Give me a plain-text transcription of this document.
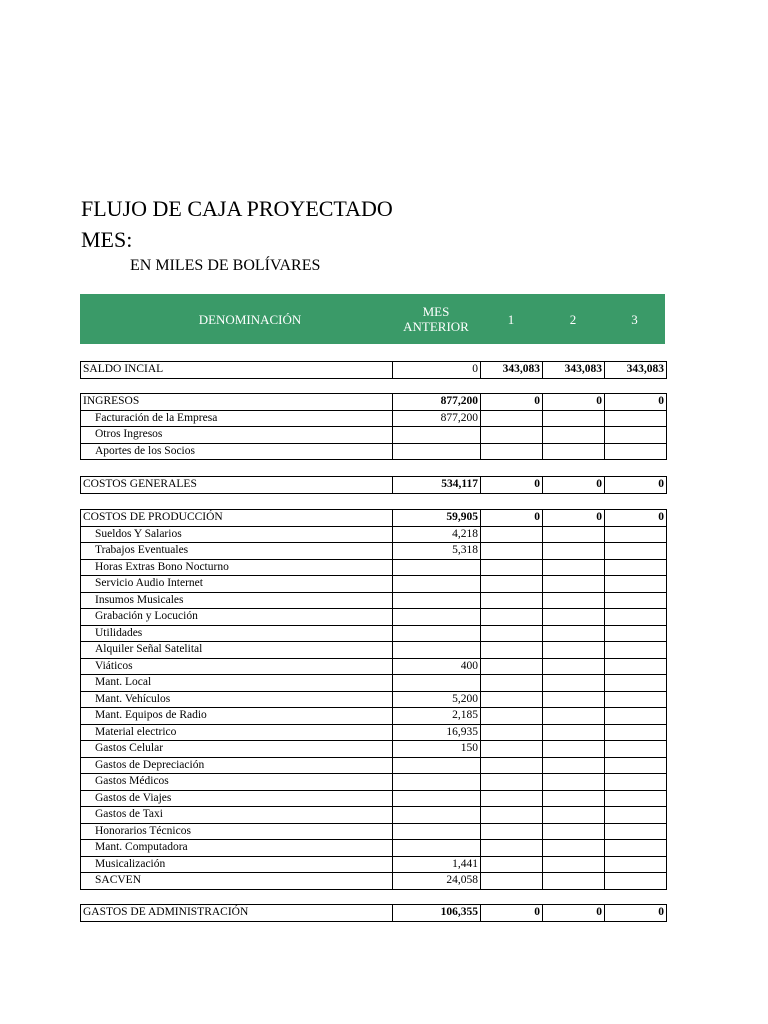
FLUJO DE CAJA PROYECTADO
MES:
EN MILES DE BOLÍVARES
DENOMINACIÓN	MES
ANTERIOR	1	2	3
SALDO INCIAL	0	343,083	343,083	343,083
INGRESOS	877,200	0	0	0
Facturación de la Empresa	877,200			
Otros Ingresos				
Aportes de los Socios				
COSTOS GENERALES	534,117	0	0	0
COSTOS DE PRODUCCIÓN	59,905	0	0	0
Sueldos Y Salarios	4,218			
Trabajos Eventuales	5,318			
Horas Extras Bono Nocturno				
Servicio Audio Internet				
Insumos Musicales				
Grabación y Locución				
Utilidades				
Alquiler Señal Satelital				
Viáticos	400			
Mant. Local				
Mant. Vehículos	5,200			
Mant. Equipos de Radio	2,185			
Material electrico	16,935			
Gastos Celular	150			
Gastos de Depreciación				
Gastos Médicos				
Gastos de Viajes				
Gastos de Taxi				
Honorarios Técnicos				
Mant. Computadora				
Musicalización	1,441			
SACVEN	24,058			
GASTOS DE ADMINISTRACIÓN	106,355	0	0	0
